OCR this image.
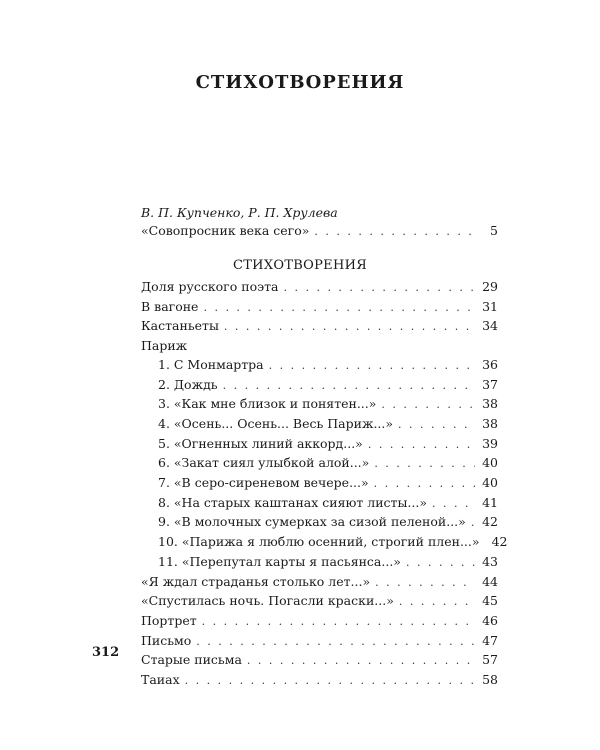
СТИХОТВОРЕНИЯ
В. П. Купченко, Р. П. Хрулева
«Совопросник века сего» . . .	5
СТИХОТВОРЕНИЯ
Доля русского поэта . . .	29
В вагоне . . .	31
Кастаньеты . . .	34
Париж
1. С Монмартра . . .	36
2. Дождь . . .	37
3. «Как мне близок и понятен...» . . .	38
4. «Осень... Осень... Весь Париж...» . . .	38
5. «Огненных линий аккорд...» . . .	39
6. «Закат сиял улыбкой алой...» . . .	40
7. «В серо-сиреневом вечере...» . . .	40
8. «На старых каштанах сияют листы...» . . .	41
9. «В молочных сумерках за сизой пеленой...» . . . 42
10. «Парижа я люблю осенний, строгий плен...» 42
11. «Перепутал карты я пасьянса...» . . .	43
«Я ждал страданья столько лет...» . . .	44
«Спустилась ночь. Погасли краски...» . . .	45
Портрет . . .	46
Письмо . . .	47
Старые письма . . .	57
Таиах . . .	58
312
